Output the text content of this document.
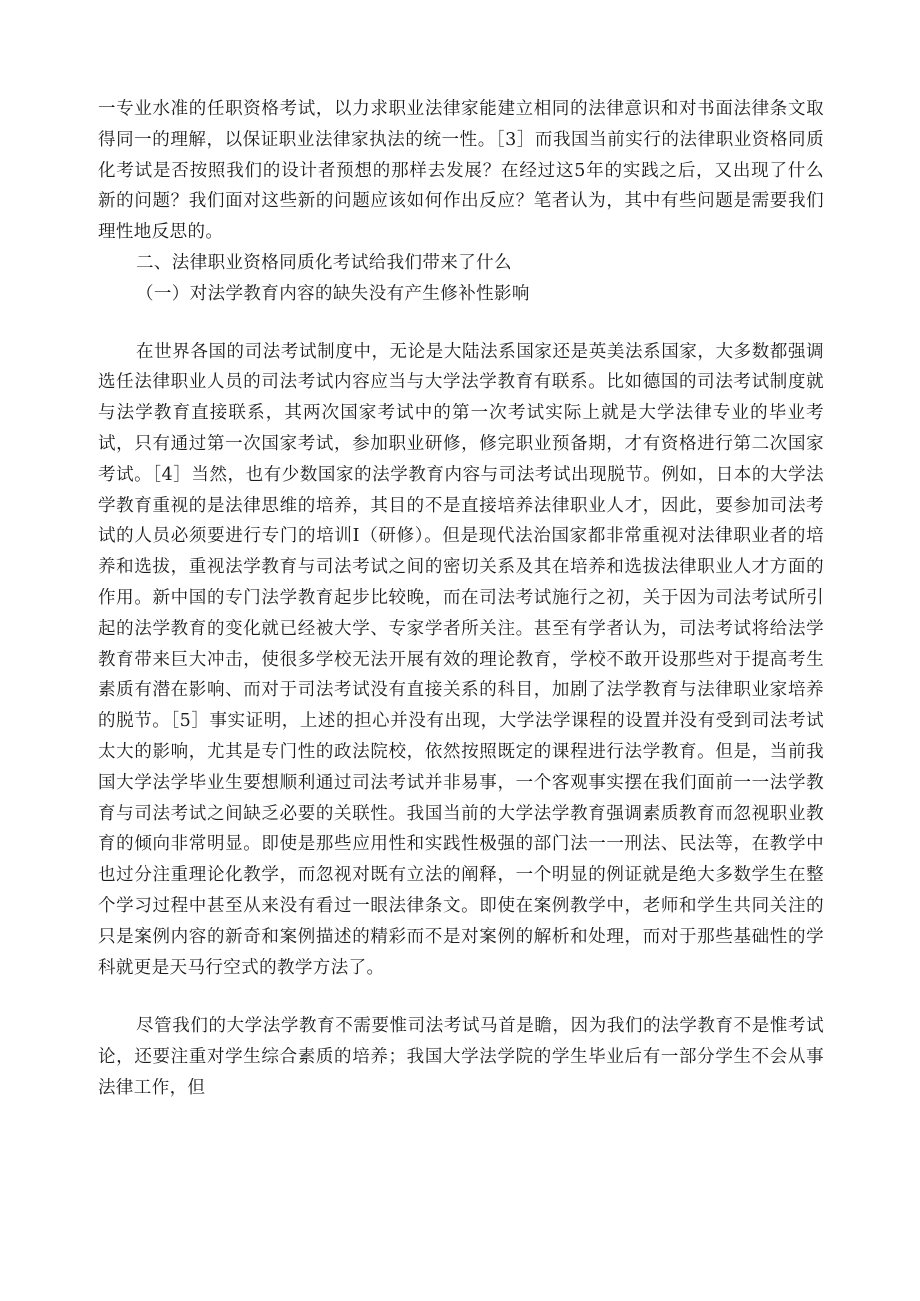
一专业水准的任职资格考试，以力求职业法律家能建立相同的法律意识和对书面法律条文取得同一的理解，以保证职业法律家执法的统一性。［3］而我国当前实行的法律职业资格同质化考试是否按照我们的设计者预想的那样去发展？在经过这5年的实践之后，又出现了什么新的问题？我们面对这些新的问题应该如何作出反应？笔者认为，其中有些问题是需要我们理性地反思的。

二、法律职业资格同质化考试给我们带来了什么

（一）对法学教育内容的缺失没有产生修补性影响

在世界各国的司法考试制度中，无论是大陆法系国家还是英美法系国家，大多数都强调选任法律职业人员的司法考试内容应当与大学法学教育有联系。比如德国的司法考试制度就与法学教育直接联系，其两次国家考试中的第一次考试实际上就是大学法律专业的毕业考试，只有通过第一次国家考试，参加职业研修，修完职业预备期，才有资格进行第二次国家考试。［4］当然，也有少数国家的法学教育内容与司法考试出现脱节。例如，日本的大学法学教育重视的是法律思维的培养，其目的不是直接培养法律职业人才，因此，要参加司法考试的人员必须要进行专门的培训I（研修）。但是现代法治国家都非常重视对法律职业者的培养和选拔，重视法学教育与司法考试之间的密切关系及其在培养和选拔法律职业人才方面的作用。新中国的专门法学教育起步比较晚，而在司法考试施行之初，关于因为司法考试所引起的法学教育的变化就已经被大学、专家学者所关注。甚至有学者认为，司法考试将给法学教育带来巨大冲击，使很多学校无法开展有效的理论教育，学校不敢开设那些对于提高考生素质有潜在影响、而对于司法考试没有直接关系的科目，加剧了法学教育与法律职业家培养的脱节。［5］事实证明，上述的担心并没有出现，大学法学课程的设置并没有受到司法考试太大的影响，尤其是专门性的政法院校，依然按照既定的课程进行法学教育。但是，当前我国大学法学毕业生要想顺利通过司法考试并非易事，一个客观事实摆在我们面前一一法学教育与司法考试之间缺乏必要的关联性。我国当前的大学法学教育强调素质教育而忽视职业教育的倾向非常明显。即使是那些应用性和实践性极强的部门法一一刑法、民法等，在教学中也过分注重理论化教学，而忽视对既有立法的阐释，一个明显的例证就是绝大多数学生在整个学习过程中甚至从来没有看过一眼法律条文。即使在案例教学中，老师和学生共同关注的只是案例内容的新奇和案例描述的精彩而不是对案例的解析和处理，而对于那些基础性的学科就更是天马行空式的教学方法了。

尽管我们的大学法学教育不需要惟司法考试马首是瞻，因为我们的法学教育不是惟考试论，还要注重对学生综合素质的培养；我国大学法学院的学生毕业后有一部分学生不会从事法律工作，但
